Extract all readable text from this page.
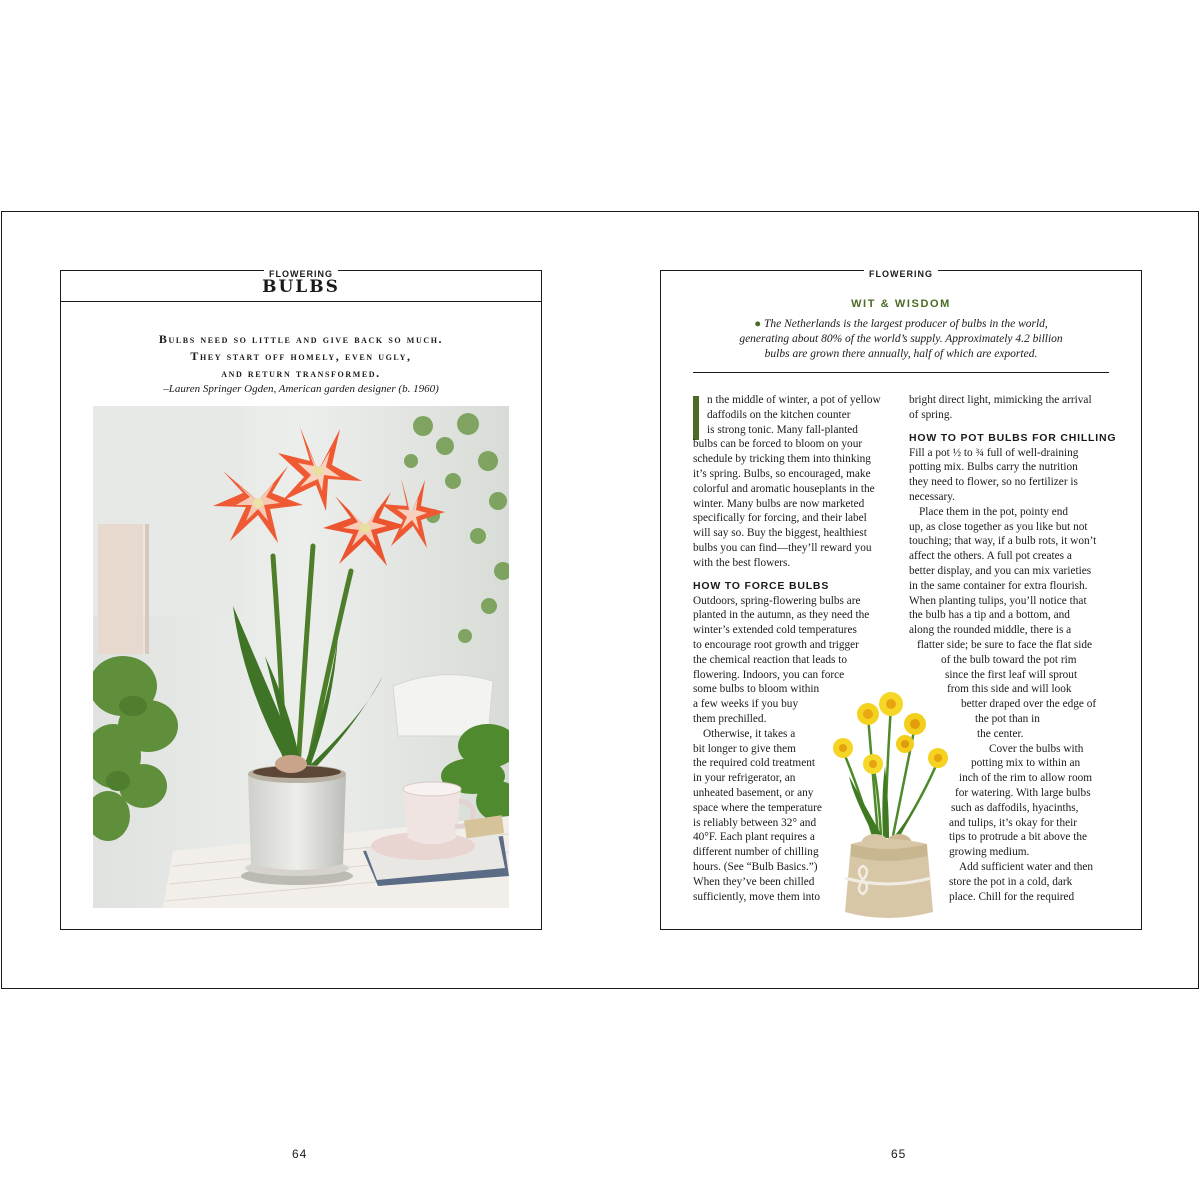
FLOWERING
BULBS
Bulbs need so little and give back so much.
They start off homely, even ugly,
and return transformed.
–Lauren Springer Ogden, American garden designer (b. 1960)
FLOWERING
WIT & WISDOM
● The Netherlands is the largest producer of bulbs in the world,
generating about 80% of the world’s supply. Approximately 4.2 billion
bulbs are grown there annually, half of which are exported.
n the middle of winter, a pot of yellow
daffodils on the kitchen counter
is strong tonic. Many fall-planted
bulbs can be forced to bloom on your
schedule by tricking them into thinking
it’s spring. Bulbs, so encouraged, make
colorful and aromatic houseplants in the
winter. Many bulbs are now marketed
specifically for forcing, and their label
will say so. Buy the biggest, healthiest
bulbs you can find—they’ll reward you
with the best flowers.
HOW TO FORCE BULBS
Outdoors, spring-flowering bulbs are
planted in the autumn, as they need the
winter’s extended cold temperatures
to encourage root growth and trigger
the chemical reaction that leads to
flowering. Indoors, you can force
some bulbs to bloom within
a few weeks if you buy
them prechilled.
Otherwise, it takes a
bit longer to give them
the required cold treatment
in your refrigerator, an
unheated basement, or any
space where the temperature
is reliably between 32° and
40°F. Each plant requires a
different number of chilling
hours. (See “Bulb Basics.”)
When they’ve been chilled
sufficiently, move them into
bright direct light, mimicking the arrival
of spring.
HOW TO POT BULBS FOR CHILLING
Fill a pot ½ to ¾ full of well-draining
potting mix. Bulbs carry the nutrition
they need to flower, so no fertilizer is
necessary.
Place them in the pot, pointy end
up, as close together as you like but not
touching; that way, if a bulb rots, it won’t
affect the others. A full pot creates a
better display, and you can mix varieties
in the same container for extra flourish.
When planting tulips, you’ll notice that
the bulb has a tip and a bottom, and
along the rounded middle, there is a
flatter side; be sure to face the flat side
of the bulb toward the pot rim
since the first leaf will sprout
from this side and will look
better draped over the edge of
the pot than in
the center.
Cover the bulbs with
potting mix to within an
inch of the rim to allow room
for watering. With large bulbs
such as daffodils, hyacinths,
and tulips, it’s okay for their
tips to protrude a bit above the
growing medium.
Add sufficient water and then
store the pot in a cold, dark
place. Chill for the required
64	65
